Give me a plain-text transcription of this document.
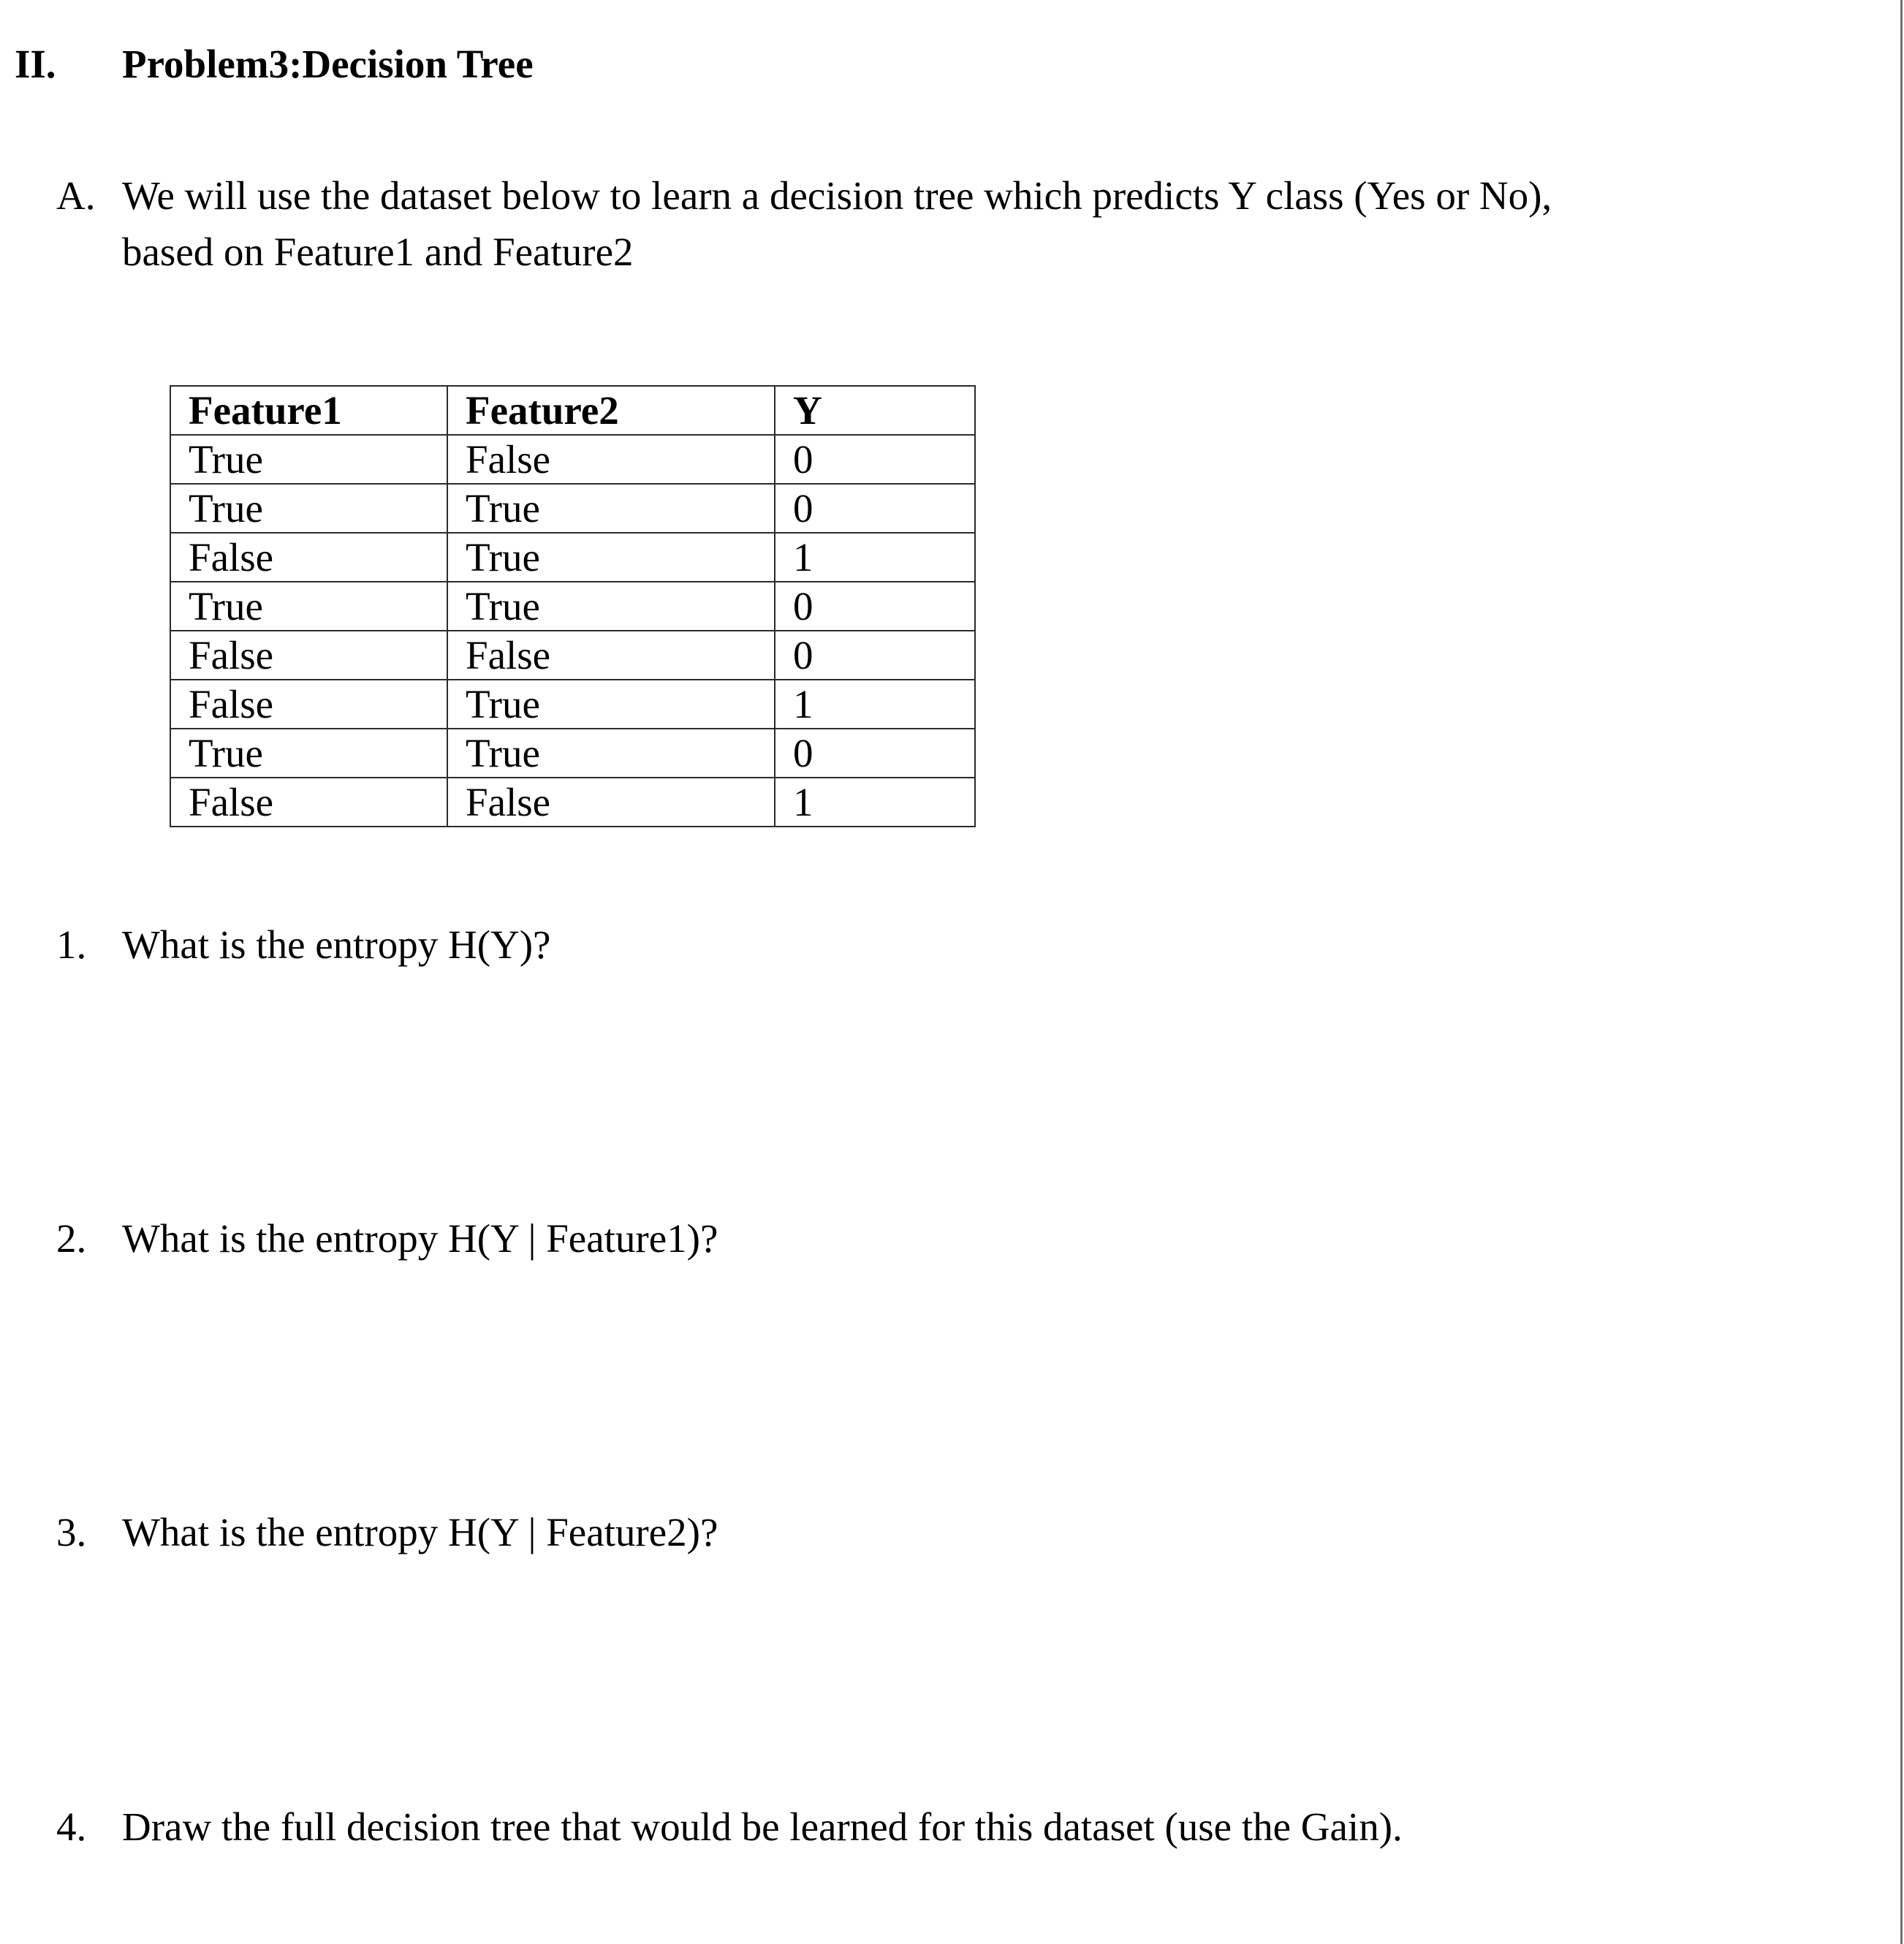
II. Problem3:Decision Tree
A. We will use the dataset below to learn a decision tree which predicts Y class (Yes or No),
based on Feature1 and Feature2
Feature1	Feature2	Y
True	False	0
True	True	0
False	True	1
True	True	0
False	False	0
False	True	1
True	True	0
False	False	1
1. What is the entropy H(Y)?
2. What is the entropy H(Y | Feature1)?
3. What is the entropy H(Y | Feature2)?
4. Draw the full decision tree that would be learned for this dataset (use the Gain).
